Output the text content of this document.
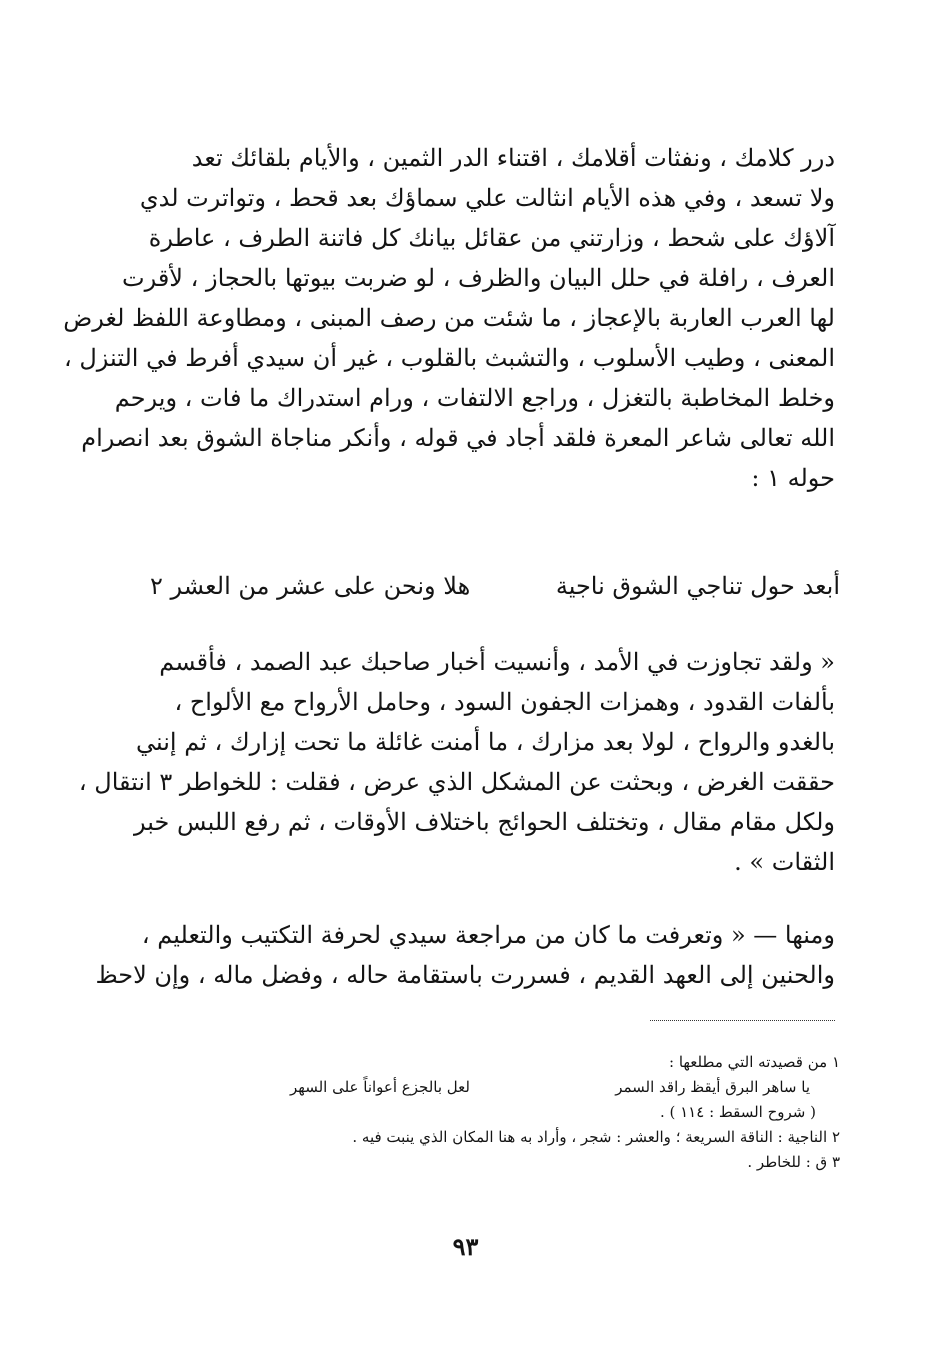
درر كلامك ، ونفثات أقلامك ، اقتناء الدر الثمين ، والأيام بلقائك تعد
ولا تسعد ، وفي هذه الأيام انثالت علي سماؤك بعد قحط ، وتواترت لدي
آلاؤك على شحط ، وزارتني من عقائل بيانك كل فاتنة الطرف ، عاطرة
العرف ، رافلة في حلل البيان والظرف ، لو ضربت بيوتها بالحجاز ، لأقرت
لها العرب العاربة بالإعجاز ، ما شئت من رصف المبنى ، ومطاوعة اللفظ لغرض
المعنى ، وطيب الأسلوب ، والتشبث بالقلوب ، غير أن سيدي أفرط في التنزل ،
وخلط المخاطبة بالتغزل ، وراجع الالتفات ، ورام استدراك ما فات ، ويرحم
الله تعالى شاعر المعرة فلقد أجاد في قوله ، وأنكر مناجاة الشوق بعد انصرام
حوله ١ :
أبعد حول تناجي الشوق ناجية
هلا ونحن على عشر من العشر ٢
« ولقد تجاوزت في الأمد ، وأنسيت أخبار صاحبك عبد الصمد ، فأقسم
بألفات القدود ، وهمزات الجفون السود ، وحامل الأرواح مع الألواح ،
بالغدو والرواح ، لولا بعد مزارك ، ما أمنت غائلة ما تحت إزارك ، ثم إنني
حققت الغرض ، وبحثت عن المشكل الذي عرض ، فقلت : للخواطر ٣ انتقال ،
ولكل مقام مقال ، وتختلف الحوائج باختلاف الأوقات ، ثم رفع اللبس خبر
الثقات » .
ومنها — « وتعرفت ما كان من مراجعة سيدي لحرفة التكتيب والتعليم ،
والحنين إلى العهد القديم ، فسررت باستقامة حاله ، وفضل ماله ، وإن لاحظ
١ من قصيدته التي مطلعها :
يا ساهر البرق أيقظ راقد السمر
لعل بالجزع أعواناً على السهر
( شروح السقط : ١١٤ ) .
٢ الناجية : الناقة السريعة ؛ والعشر : شجر ، وأراد به هنا المكان الذي ينبت فيه .
٣ ق : للخاطر .
٩٣
